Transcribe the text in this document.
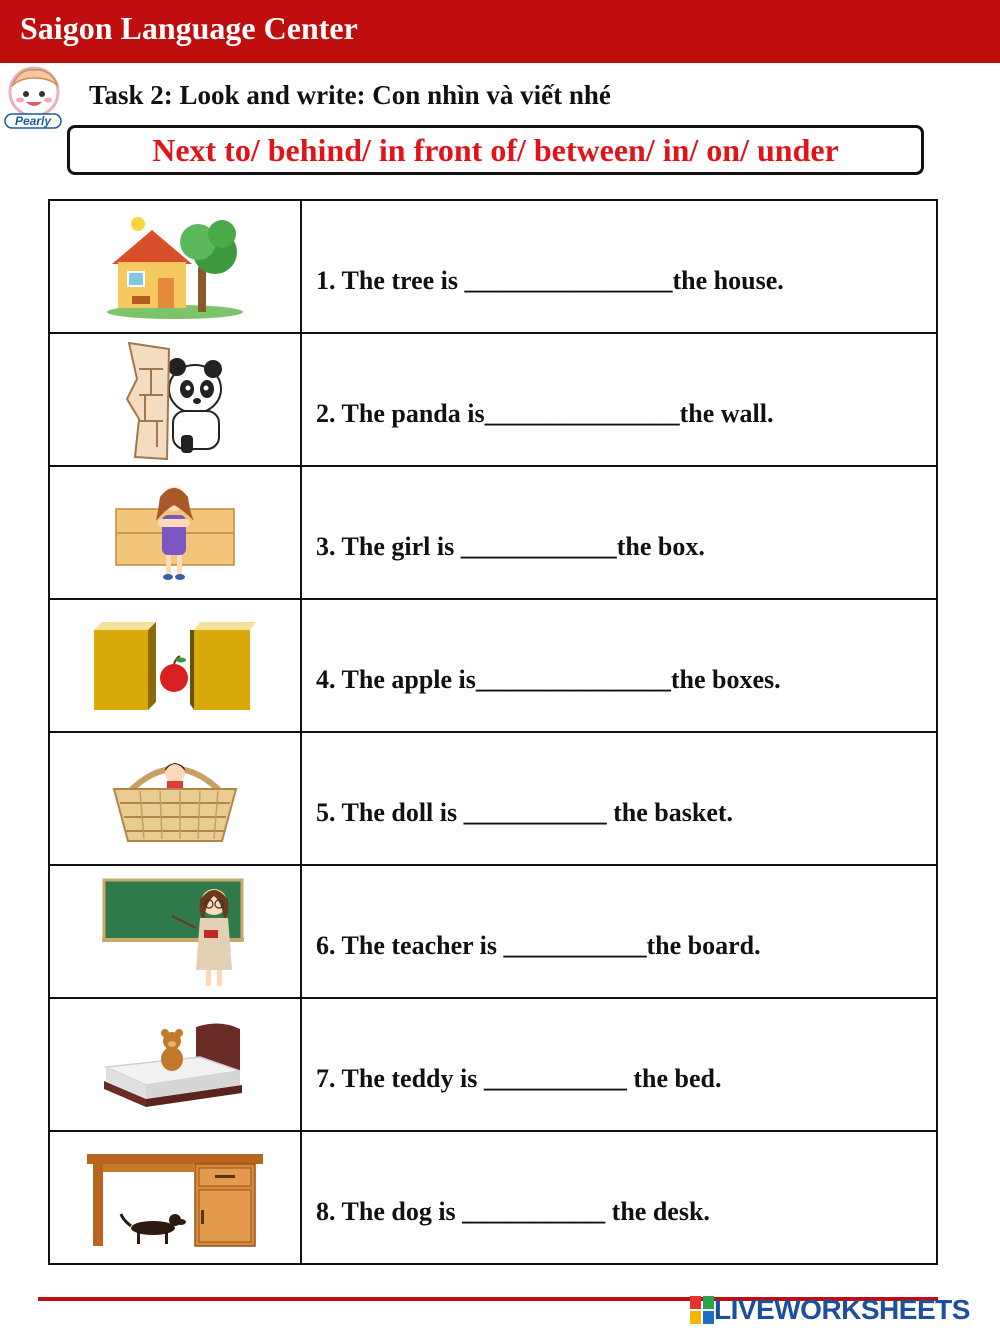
Saigon Language Center
Pearly
Task 2: Look and write: Con nhìn và viết nhé
Next to/ behind/ in front of/ between/ in/ on/ under

1. The tree is ________________the house.

2. The panda is_______________the wall.

3. The girl is ____________the box.

4. The apple is_______________the boxes.

5. The doll is ___________ the basket.

6. The teacher is ___________the board.

7. The teddy is ___________ the bed.

8. The dog is ___________ the desk.
LIVEWORKSHEETS
